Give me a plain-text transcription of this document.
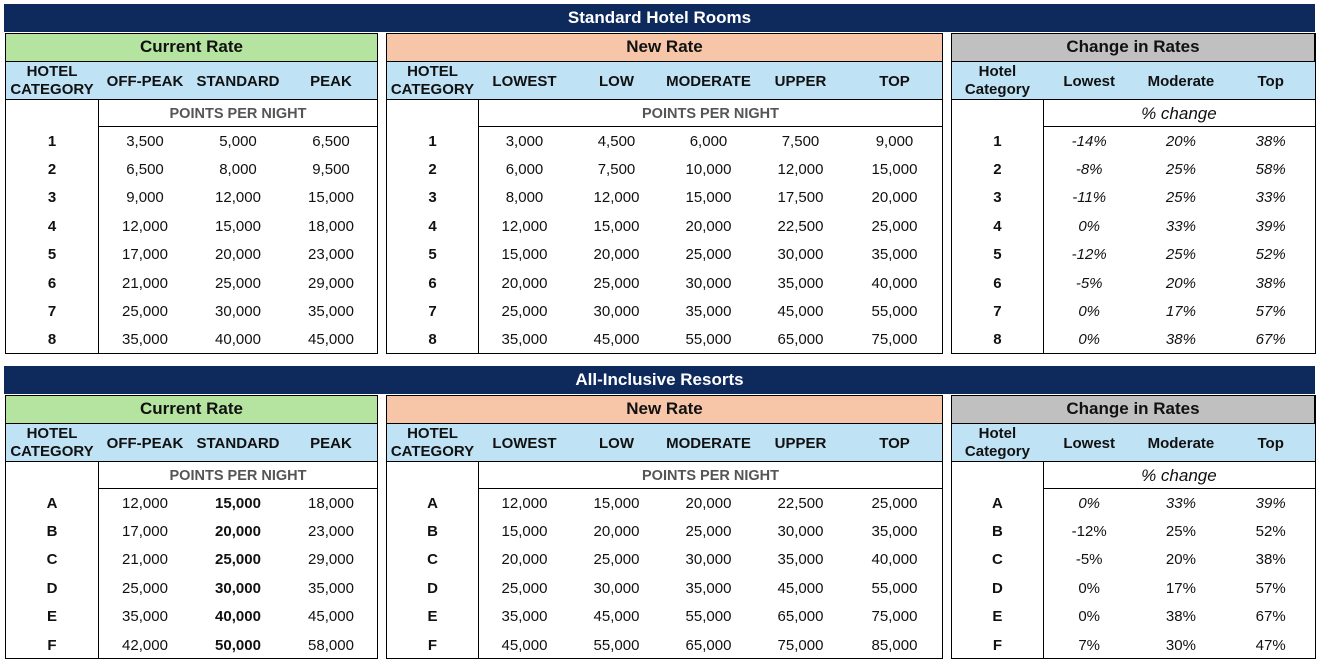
Standard Hotel Rooms
Current Rate			
HOTEL CATEGORY	OFF-PEAK	STANDARD	PEAK
	POINTS PER NIGHT		
1	3,500	5,000	6,500
2	6,500	8,000	9,500
3	9,000	12,000	15,000
4	12,000	15,000	18,000
5	17,000	20,000	23,000
6	21,000	25,000	29,000
7	25,000	30,000	35,000
8	35,000	40,000	45,000
New Rate					
HOTEL CATEGORY	LOWEST	LOW	MODERATE	UPPER	TOP
	POINTS PER NIGHT				
1	3,000	4,500	6,000	7,500	9,000
2	6,000	7,500	10,000	12,000	15,000
3	8,000	12,000	15,000	17,500	20,000
4	12,000	15,000	20,000	22,500	25,000
5	15,000	20,000	25,000	30,000	35,000
6	20,000	25,000	30,000	35,000	40,000
7	25,000	30,000	35,000	45,000	55,000
8	35,000	45,000	55,000	65,000	75,000
Change in Rates			
Hotel Category	Lowest	Moderate	Top
	% change		
1	-14%	20%	38%
2	-8%	25%	58%
3	-11%	25%	33%
4	0%	33%	39%
5	-12%	25%	52%
6	-5%	20%	38%
7	0%	17%	57%
8	0%	38%	67%
All-Inclusive Resorts
Current Rate			
HOTEL CATEGORY	OFF-PEAK	STANDARD	PEAK
	POINTS PER NIGHT		
A	12,000	15,000	18,000
B	17,000	20,000	23,000
C	21,000	25,000	29,000
D	25,000	30,000	35,000
E	35,000	40,000	45,000
F	42,000	50,000	58,000
New Rate					
HOTEL CATEGORY	LOWEST	LOW	MODERATE	UPPER	TOP
	POINTS PER NIGHT				
A	12,000	15,000	20,000	22,500	25,000
B	15,000	20,000	25,000	30,000	35,000
C	20,000	25,000	30,000	35,000	40,000
D	25,000	30,000	35,000	45,000	55,000
E	35,000	45,000	55,000	65,000	75,000
F	45,000	55,000	65,000	75,000	85,000
Change in Rates			
Hotel Category	Lowest	Moderate	Top
	% change		
A	0%	33%	39%
B	-12%	25%	52%
C	-5%	20%	38%
D	0%	17%	57%
E	0%	38%	67%
F	7%	30%	47%
